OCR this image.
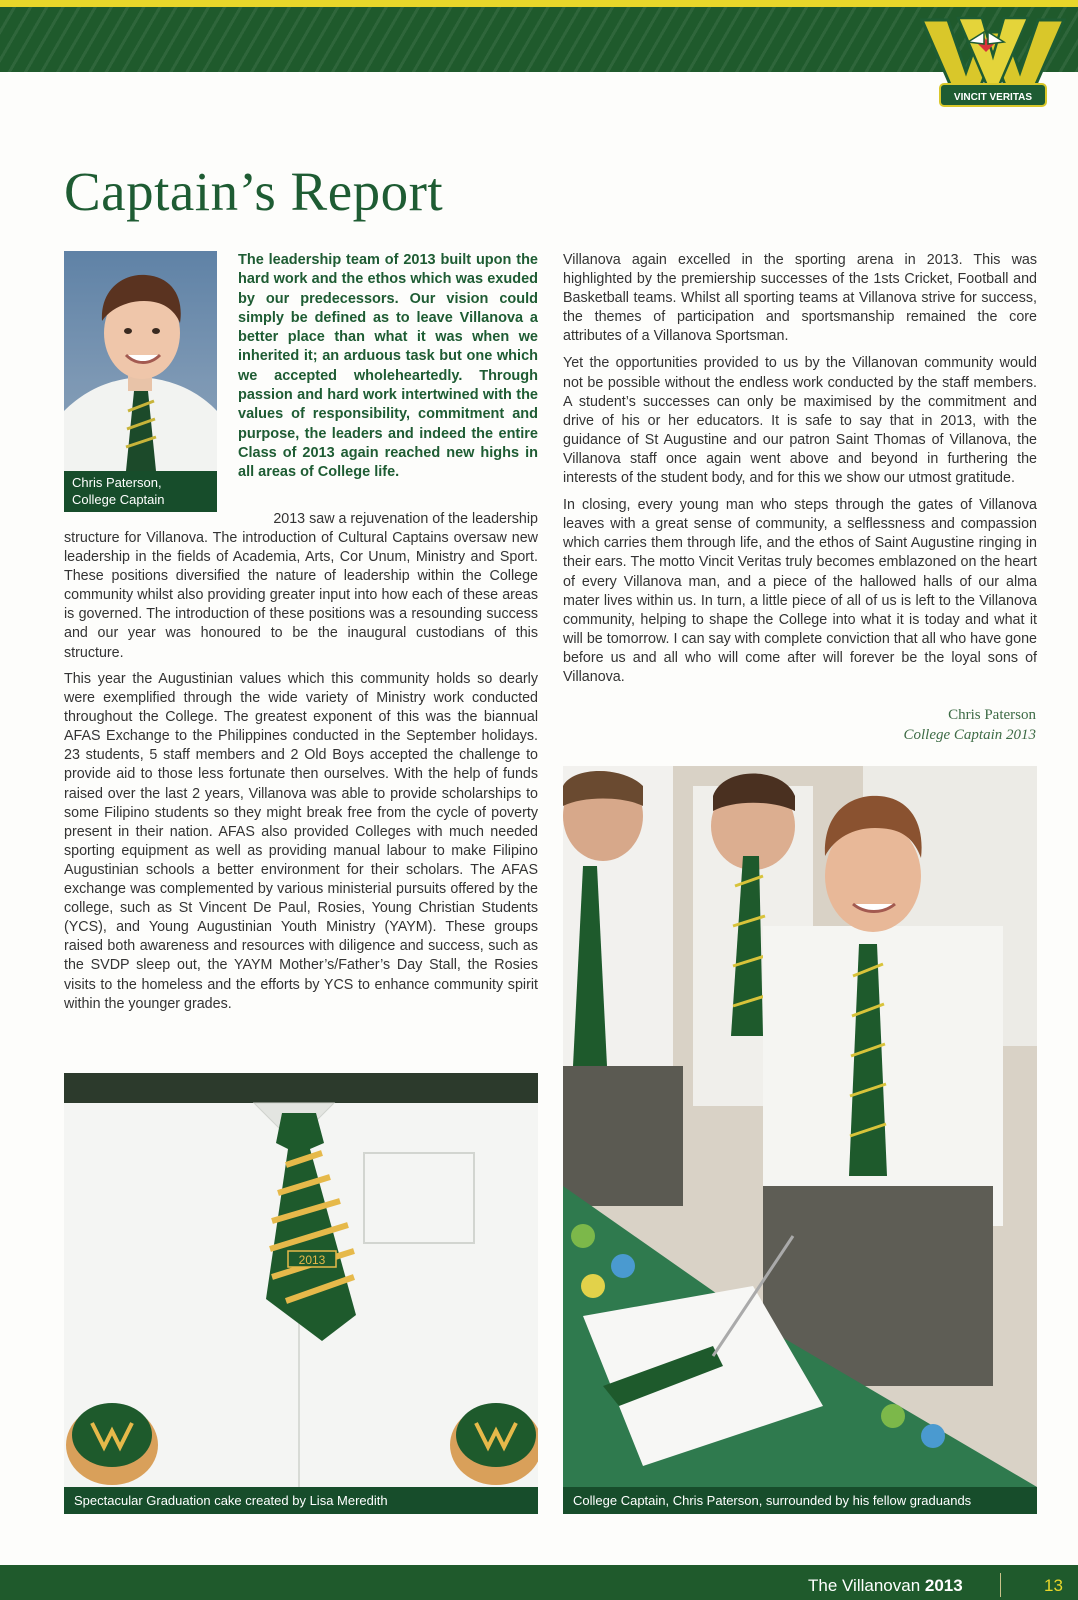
VINCIT VERITAS
Captain’s Report
Chris Paterson,
College Captain

The leadership team of 2013 built upon the hard work and the ethos which was exuded by our predecessors. Our vision could simply be defined as to leave Villanova a better place than what it was when we inherited it; an arduous task but one which we accepted wholeheartedly. Through passion and hard work intertwined with the values of responsibility, commitment and purpose, the leaders and indeed the entire Class of 2013 again reached new highs in all areas of College life.

2013 saw a rejuvenation of the leadership

structure for Villanova. The introduction of Cultural Captains oversaw new leadership in the fields of Academia, Arts, Cor Unum, Ministry and Sport. These positions diversified the nature of leadership within the College community whilst also providing greater input into how each of these areas is governed. The introduction of these positions was a resounding success and our year was honoured to be the inaugural custodians of this structure.

This year the Augustinian values which this community holds so dearly were exemplified through the wide variety of Ministry work conducted throughout the College. The greatest exponent of this was the biannual AFAS Exchange to the Philippines conducted in the September holidays. 23 students, 5 staff members and 2 Old Boys accepted the challenge to provide aid to those less fortunate then ourselves. With the help of funds raised over the last 2 years, Villanova was able to provide scholarships to some Filipino students so they might break free from the cycle of poverty present in their nation. AFAS also provided Colleges with much needed sporting equipment as well as providing manual labour to make Filipino Augustinian schools a better environment for their scholars. The AFAS exchange was complemented by various ministerial pursuits offered by the college, such as St Vincent De Paul, Rosies, Young Christian Students (YCS), and Young Augustinian Youth Ministry (YAYM). These groups raised both awareness and resources with diligence and success, such as the SVDP sleep out, the YAYM Mother’s/Father’s Day Stall, the Rosies visits to the homeless and the efforts by YCS to enhance community spirit within the younger grades.

Villanova again excelled in the sporting arena in 2013. This was highlighted by the premiership successes of the 1sts Cricket, Football and Basketball teams. Whilst all sporting teams at Villanova strive for success, the themes of participation and sportsmanship remained the core attributes of a Villanova Sportsman.

Yet the opportunities provided to us by the Villanovan community would not be possible without the endless work conducted by the staff members. A student’s successes can only be maximised by the commitment and drive of his or her educators. It is safe to say that in 2013, with the guidance of St Augustine and our patron Saint Thomas of Villanova, the Villanova staff once again went above and beyond in furthering the interests of the student body, and for this we show our utmost gratitude.

In closing, every young man who steps through the gates of Villanova leaves with a great sense of community, a selflessness and compassion which carries them through life, and the ethos of Saint Augustine ringing in their ears. The motto Vincit Veritas truly becomes emblazoned on the heart of every Villanova man, and a piece of the hallowed halls of our alma mater lives within us. In turn, a little piece of all of us is left to the Villanova community, helping to shape the College into what it is today and what it will be tomorrow. I can say with complete conviction that all who have gone before us and all who will come after will forever be the loyal sons of Villanova.

Chris Paterson
College Captain 2013
2013
Spectacular Graduation cake created by Lisa Meredith	College Captain, Chris Paterson, surrounded by his fellow graduands
The Villanovan 2013	13
